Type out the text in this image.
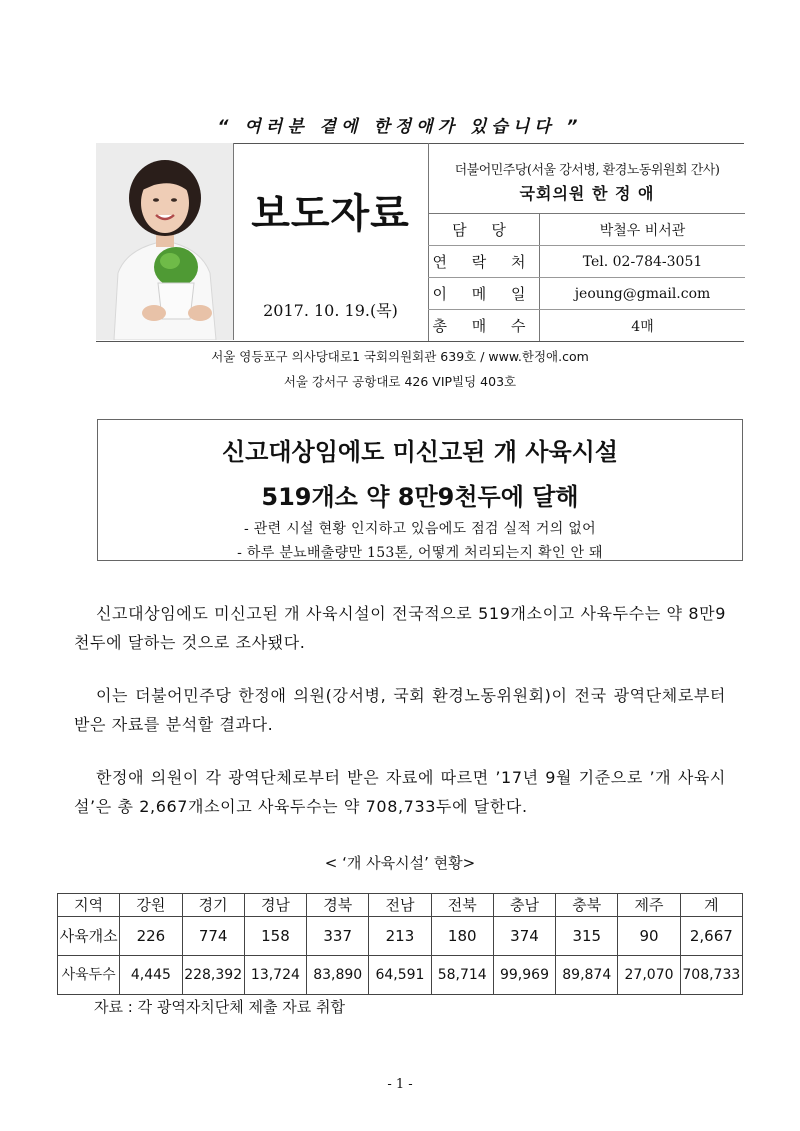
“ 여러분 곁에 한정애가 있습니다 ”
보도자료
2017. 10. 19.(목)
더불어민주당(서울 강서병, 환경노동위원회 간사)
국회의원 한 정 애
담 당	박철우 비서관
연 락 처	Tel. 02-784-3051
이 메 일	jeoung@gmail.com
총 매 수	4매
서울 영등포구 의사당대로1 국회의원회관 639호 / www.한정애.com
서울 강서구 공항대로 426 VIP빌딩 403호
신고대상임에도 미신고된 개 사육시설
519개소 약 8만9천두에 달해
- 관련 시설 현황 인지하고 있음에도 점검 실적 거의 없어
- 하루 분뇨배출량만 153톤, 어떻게 처리되는지 확인 안 돼
신고대상임에도 미신고된 개 사육시설이 전국적으로 519개소이고 사육두수는 약 8만9천두에 달하는 것으로 조사됐다.
이는 더불어민주당 한정애 의원(강서병, 국회 환경노동위원회)이 전국 광역단체로부터 받은 자료를 분석할 결과다.
한정애 의원이 각 광역단체로부터 받은 자료에 따르면 ’17년 9월 기준으로 ’개 사육시설’은 총 2,667개소이고 사육두수는 약 708,733두에 달한다.
< ‘개 사육시설’ 현황>
지역	강원	경기	경남	경북	전남	전북	충남	충북	제주	계
사육개소	226	774	158	337	213	180	374	315	90	2,667
사육두수	4,445	228,392	13,724	83,890	64,591	58,714	99,969	89,874	27,070	708,733
자료 : 각 광역자치단체 제출 자료 취합
- 1 -
